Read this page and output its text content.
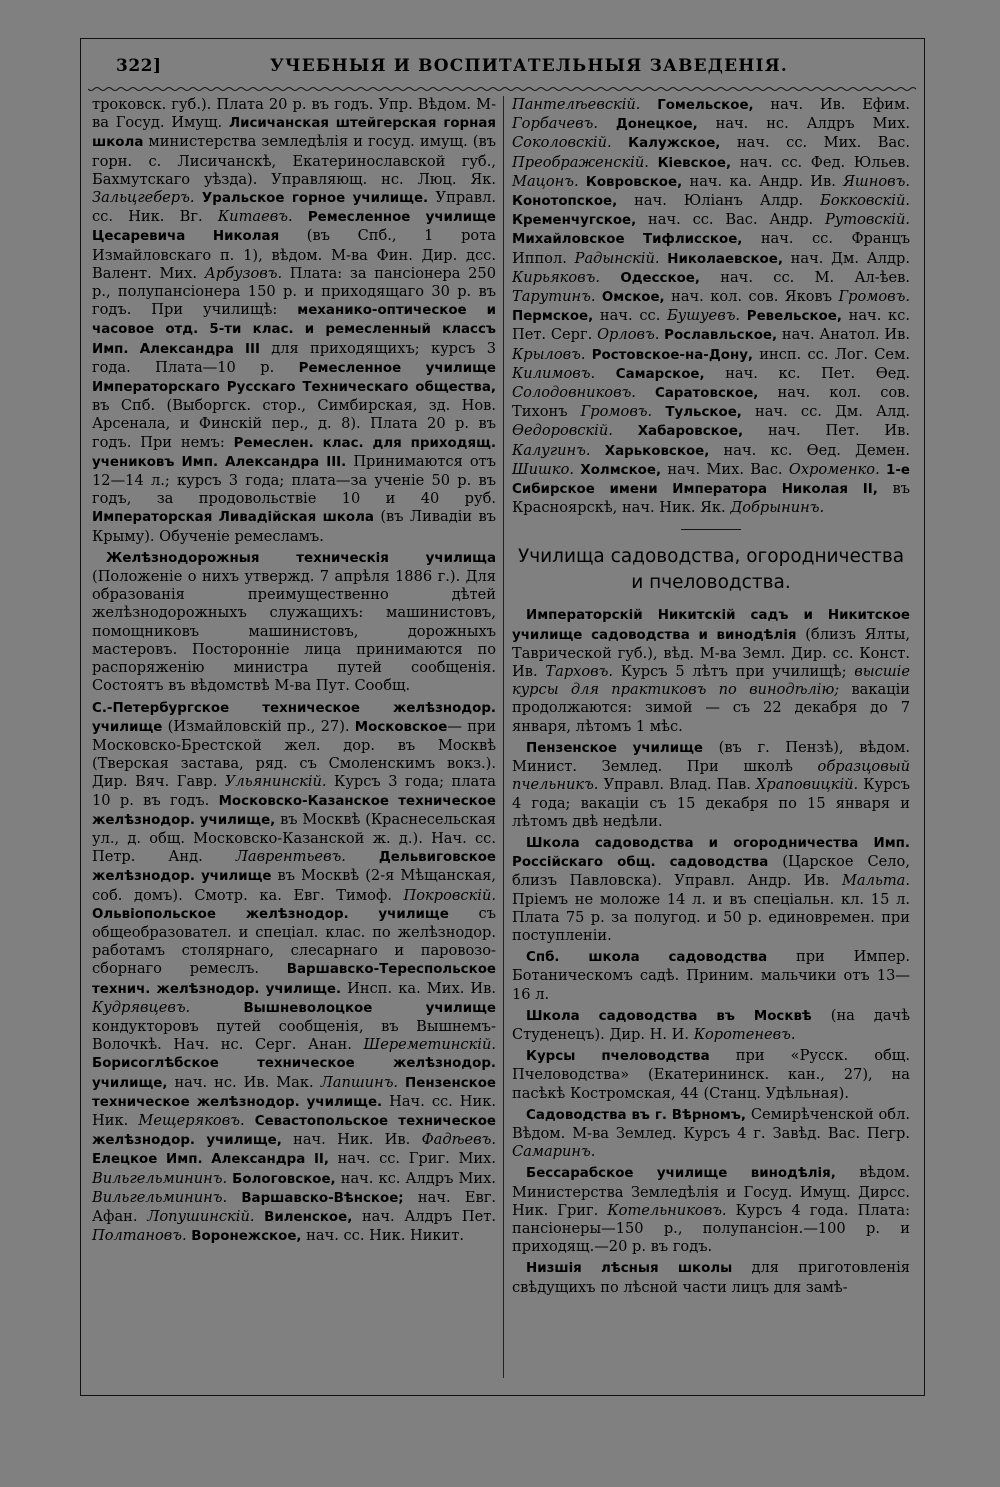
322]	УЧЕБНЫЯ И ВОСПИТАТЕЛЬНЫЯ ЗАВЕДЕНІЯ.

троковск. губ.). Плата 20 р. въ годъ. Упр. Вѣдом. М-ва Госуд. Имущ. Лисичанская штейгерская горная школа министерства земледѣлія и госуд. имущ. (въ горн. с. Лисичанскѣ, Екатеринославской губ., Бахмутскаго уѣзда). Управляющ. нс. Люц. Як. Зальцгеберъ. Уральское горное училище. Управл. сс. Ник. Вг. Китаевъ. Ремесленное училище Цесаревича Николая (въ Спб., 1 рота Измайловскаго п. 1), вѣдом. М-ва Фин. Дир. дсс. Валент. Мих. Арбузовъ. Плата: за пансіонера 250 р., полупансіонера 150 р. и приходящаго 30 р. въ годъ. При училищѣ: механико-оптическое и часовое отд. 5-ти клас. и ремесленный классъ Имп. Александра III для приходящихъ; курсъ 3 года. Плата—10 р. Ремесленное училище Императорскаго Русскаго Техническаго общества, въ Спб. (Выборгск. стор., Симбирская, зд. Нов. Арсенала, и Финскій пер., д. 8). Плата 20 р. въ годъ. При немъ: Ремеслен. клас. для приходящ. учениковъ Имп. Александра III. Принимаются отъ 12—14 л.; курсъ 3 года; плата—за ученіе 50 р. въ годъ, за продовольствіе 10 и 40 руб. Императорская Ливадійская школа (въ Ливадіи въ Крыму). Обученіе ремесламъ.

Желѣзнодорожныя техническія училища (Положеніе о нихъ утвержд. 7 апрѣля 1886 г.). Для образованія преимущественно дѣтей желѣзнодорожныхъ служащихъ: машинистовъ, помощниковъ машинистовъ, дорожныхъ мастеровъ. Посторонніе лица принимаются по распоряженію министра путей сообщенія. Состоятъ въ вѣдомствѣ М-ва Пут. Сообщ.

С.-Петербургское техническое желѣзнодор. училище (Измайловскій пр., 27). Московское— при Московско-Брестской жел. дор. въ Москвѣ (Тверская застава, ряд. съ Смоленскимъ вокз.). Дир. Вяч. Гавр. Ульянинскій. Курсъ 3 года; плата 10 р. въ годъ. Московско-Казанское техническое желѣзнодор. училище, въ Москвѣ (Краснесельская ул., д. общ. Московско-Казанской ж. д.). Нач. сс. Петр. Анд. Лаврентьевъ. Дельвиговское желѣзнодор. училище въ Москвѣ (2-я Мѣщанская, соб. домъ). Смотр. ка. Евг. Тимоф. Покровскій. Ольвіопольское желѣзнодор. училище съ общеобразовател. и спеціал. клас. по желѣзнодор. работамъ столярнаго, слесарнаго и паровозо-сборнаго ремеслъ. Варшавско-Тереспольское технич. желѣзнодор. училище. Инсп. ка. Мих. Ив. Кудрявцевъ.	Вышневолоцкое училище кондукторовъ путей сообщенія, въ Вышнемъ-Волочкѣ. Нач. нс. Серг. Анан. Шереметинскій. Борисоглѣбское техническое желѣзнодор. училище, нач. нс. Ив. Мак. Лапшинъ. Пензенское техническое желѣзнодор. училище. Нач. сс. Ник. Ник. Мещеряковъ. Севастопольское техническое желѣзнодор. училище, нач. Ник. Ив. Фадѣевъ. Елецкое Имп. Александра II, нач. сс. Григ. Мих. Вильгельмининъ. Бологовское, нач. кс. Алдръ Мих. Вильгельмининъ. Варшавско-Вѣнское; нач. Евг. Афан. Лопушинскій. Виленское, нач. Алдръ Пет. Полтановъ. Воронежское, нач. сс. Ник. Никит.

Пантелѣевскій. Гомельское, нач. Ив. Ефим. Горбачевъ. Донецкое, нач. нс. Алдръ Мих. Соколовскій. Калужское, нач. сс. Мих. Вас. Преображенскій. Кіевское, нач. сс. Фед. Юльев. Мацонъ. Ковровское, нач. ка. Андр. Ив. Яшновъ. Конотопское, нач. Юліанъ Алдр. Бокковскій. Кременчугское, нач. сс. Вас. Андр. Рутовскій. Михайловское Тифлисское, нач. сс. Францъ Иппол. Радынскій. Николаевское, нач. Дм. Алдр. Кирьяковъ. Одесское, нач. сс. М. Ал-ѣев. Тарутинъ. Омское, нач. кол. сов. Яковъ Громовъ. Пермское, нач. сс. Бушуевъ. Ревельское, нач. кс. Пет. Серг. Орловъ. Рославльское, нач. Анатол. Ив. Крыловъ. Ростовское-на-Дону, инсп. сс. Лог. Сем. Килимовъ. Самарское, нач. кс. Пет. Ѳед. Солодовниковъ. Саратовское, нач. кол. сов. Тихонъ Громовъ. Тульское, нач. сс. Дм. Алд. Ѳедоровскій. Хабаровское, нач. Пет. Ив. Калугинъ. Харьковское, нач. кс. Ѳед. Демен. Шишко. Холмское, нач. Мих. Вас. Охроменко. 1-е Сибирское имени Императора Николая II, въ Красноярскѣ, нач. Ник. Як. Добрынинъ.

Училища садоводства, огородничества и пчеловодства.

Императорскій Никитскій садъ и Никитское училище садоводства и винодѣлія (близъ Ялты, Таврической губ.), вѣд. М-ва Земл. Дир. сс. Конст. Ив. Тарховъ. Курсъ 5 лѣтъ при училищѣ; высшіе курсы для практиковъ по винодѣлію; вакаціи продолжаются: зимой — съ 22 декабря до 7 января, лѣтомъ 1 мѣс.

Пензенское училище (въ г. Пензѣ), вѣдом. Минист. Землед. При школѣ образцовый пчельникъ. Управл. Влад. Пав. Храповицкій. Курсъ 4 года; вакаціи съ 15 декабря по 15 января и лѣтомъ двѣ недѣли.

Школа садоводства и огородничества Имп. Россійскаго общ. садоводства (Царское Село, близъ Павловска). Управл. Андр. Ив. Мальта. Пріемъ не моложе 14 л. и въ спеціальн. кл. 15 л. Плата 75 р. за полугод. и 50 р. единовремен. при поступленіи.

Спб. школа садоводства при Импер. Ботаническомъ садѣ. Приним. мальчики отъ 13—16 л.

Школа садоводства въ Москвѣ (на дачѣ Студенецъ). Дир. Н. И. Коротеневъ.

Курсы пчеловодства при «Русск. общ. Пчеловодства» (Екатерининск. кан., 27), на пасѣкѣ Костромская, 44 (Станц. Удѣльная).

Садоводства въ г. Вѣрномъ, Семирѣченской обл. Вѣдом. М-ва Землед. Курсъ 4 г. Завѣд. Вас. Пегр. Самаринъ.

Бессарабское училище винодѣлія, вѣдом. Министерства Земледѣлія и Госуд. Имущ. Дирсс. Ник. Григ. Котельниковъ. Курсъ 4 года. Плата: пансіонеры—150 р., полупансіон.—100 р. и приходящ.—20 р. въ годъ.

Низшія лѣсныя школы для приготовленія свѣдущихъ по лѣсной части лицъ для замѣ-
